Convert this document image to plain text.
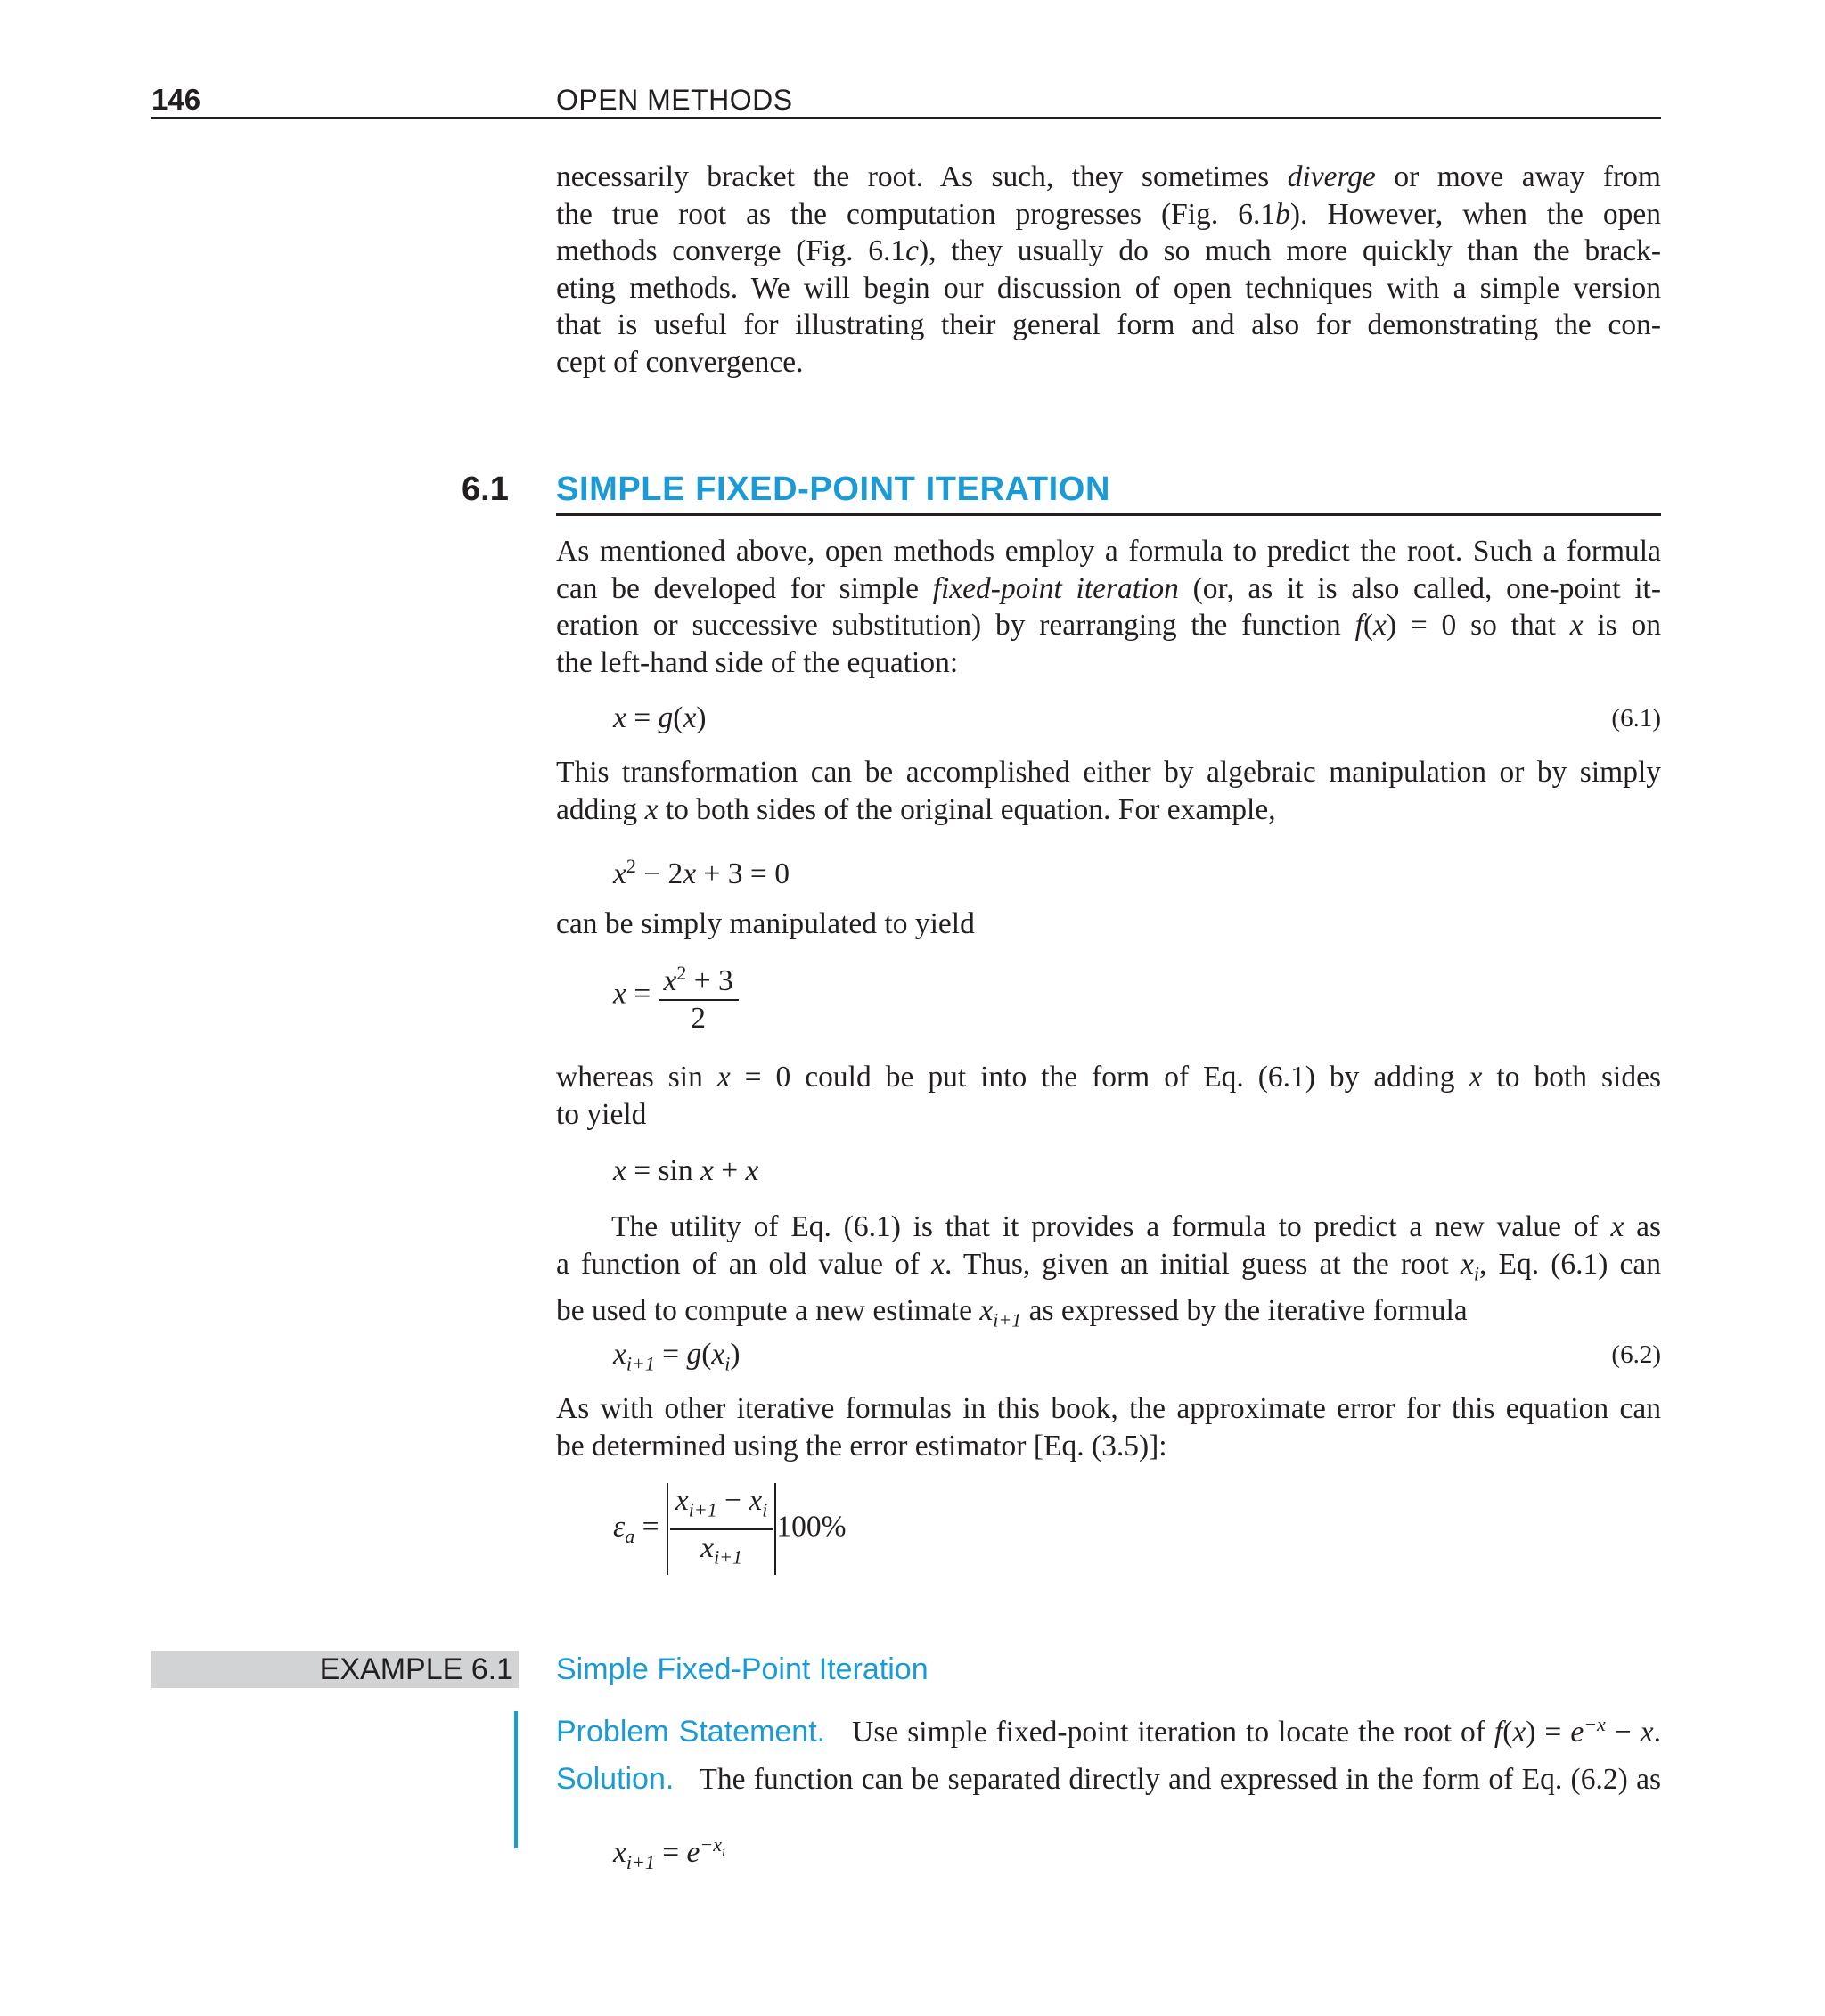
146	OPEN METHODS
necessarily bracket the root. As such, they sometimes diverge or move away from
the true root as the computation progresses (Fig. 6.1b). However, when the open
methods converge (Fig. 6.1c), they usually do so much more quickly than the brack-
eting methods. We will begin our discussion of open techniques with a simple version
that is useful for illustrating their general form and also for demonstrating the con-
cept of convergence.
6.1 SIMPLE FIXED-POINT ITERATION
As mentioned above, open methods employ a formula to predict the root. Such a formula
can be developed for simple fixed-point iteration (or, as it is also called, one-point it-
eration or successive substitution) by rearranging the function f(x) = 0 so that x is on
the left-hand side of the equation:
x = g(x)	(6.1)
This transformation can be accomplished either by algebraic manipulation or by simply
adding x to both sides of the original equation. For example,
$x^2 - 2x + 3 = 0$
can be simply manipulated to yield
$x = \frac{x^2 + 3}{2}$
whereas sin x = 0 could be put into the form of Eq. (6.1) by adding x to both sides
to yield
x = sin x + x
The utility of Eq. (6.1) is that it provides a formula to predict a new value of x as
a function of an old value of x. Thus, given an initial guess at the root $x_i$, Eq. (6.1) can
be used to compute a new estimate $x_{i+1}$ as expressed by the iterative formula
$x_{i+1} = g(x_i)$	(6.2)
As with other iterative formulas in this book, the approximate error for this equation can
be determined using the error estimator [Eq. (3.5)]:
$\varepsilon_a = \frac{x_{i+1} - x_i}{x_{i+1}} 100\%$
EXAMPLE 6.1 Simple Fixed-Point Iteration
Problem Statement. Use simple fixed-point iteration to locate the root of $f(x) = e^{-x} - x$.
Solution. The function can be separated directly and expressed in the form of Eq. (6.2) as
$x_{i+1} = e^{-x_i}$
